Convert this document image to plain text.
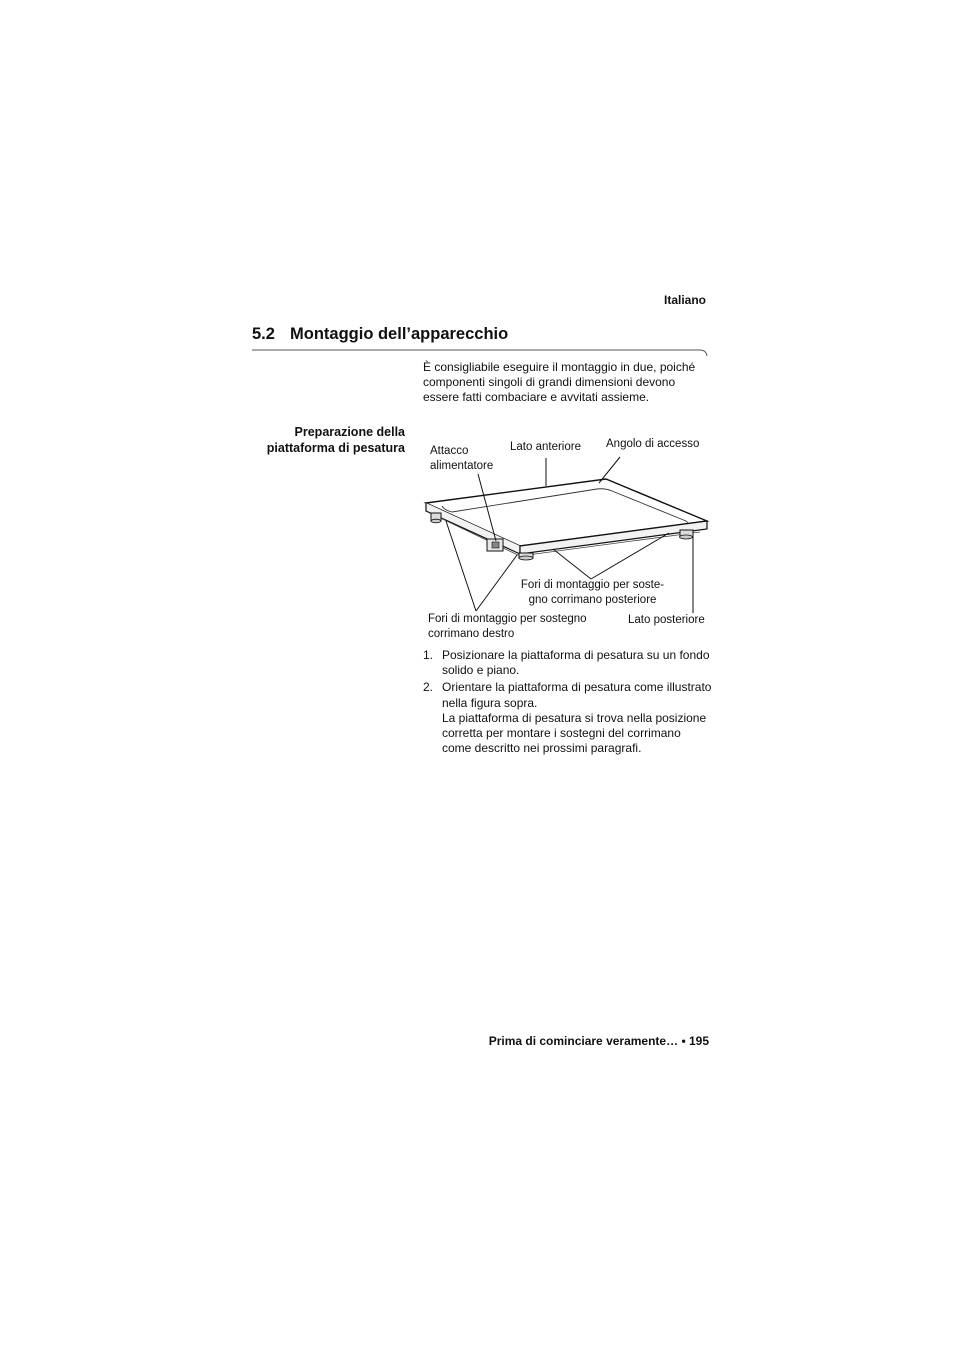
Italiano
5.2 Montaggio dell’apparecchio
È consigliabile eseguire il montaggio in due, poiché componenti singoli di grandi dimensioni devono essere fatti combaciare e avvitati assieme.
Preparazione della
piattaforma di pesatura Attacco
alimentatore
Lato anteriore Angolo di accesso
Fori di montaggio per soste-
gno corrimano posteriore
Fori di montaggio per sostegno
corrimano destro
Lato posteriore
1. Posizionare la piattaforma di pesatura su un fondo solido e piano.
2. Orientare la piattaforma di pesatura come illustrato nella figura sopra.
La piattaforma di pesatura si trova nella posizione corretta per montare i sostegni del corrimano come descritto nei prossimi paragrafi.
Prima di cominciare veramente… • 195
